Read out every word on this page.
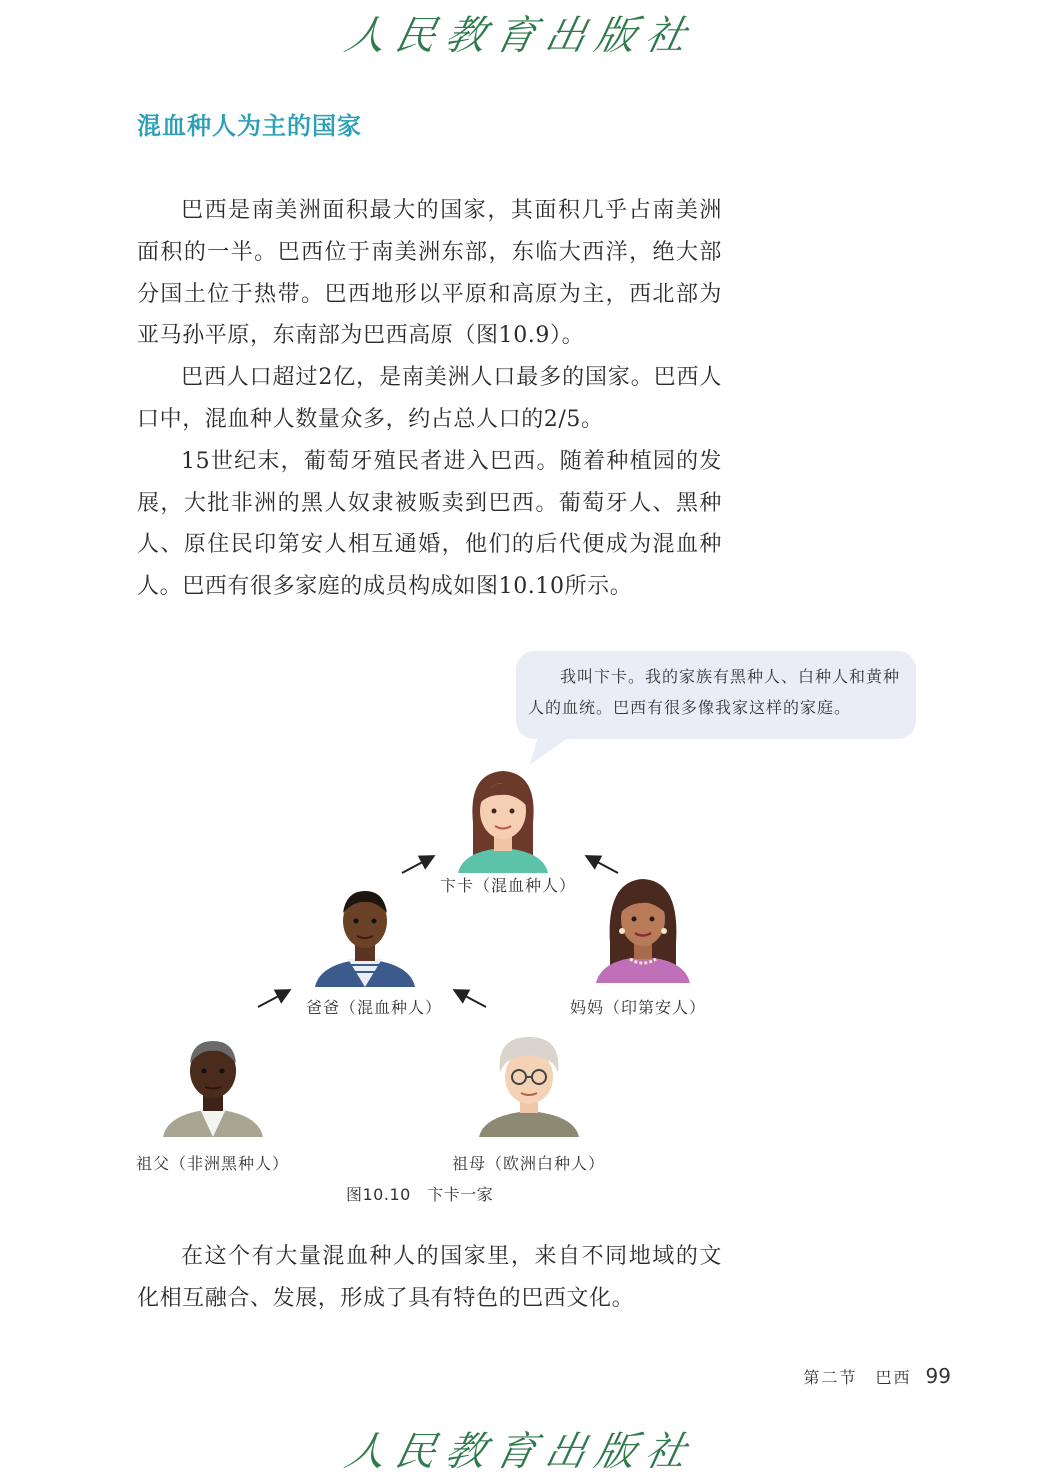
人民教育出版社
混血种人为主的国家

巴西是南美洲面积最大的国家，其面积几乎占南美洲面积的一半。巴西位于南美洲东部，东临大西洋，绝大部分国土位于热带。巴西地形以平原和高原为主，西北部为亚马孙平原，东南部为巴西高原（图10.9）。

巴西人口超过2亿，是南美洲人口最多的国家。巴西人口中，混血种人数量众多，约占总人口的2/5。

15世纪末，葡萄牙殖民者进入巴西。随着种植园的发展，大批非洲的黑人奴隶被贩卖到巴西。葡萄牙人、黑种人、原住民印第安人相互通婚，他们的后代便成为混血种人。巴西有很多家庭的成员构成如图10.10所示。

我叫卞卡。我的家族有黑种人、白种人和黄种人的血统。巴西有很多像我家这样的家庭。

卞卡（混血种人）
爸爸（混血种人）	妈妈（印第安人）
祖父（非洲黑种人）	祖母（欧洲白种人）
图10.10　卞卡一家

在这个有大量混血种人的国家里，来自不同地域的文化相互融合、发展，形成了具有特色的巴西文化。

第二节　巴西 99
人民教育出版社
